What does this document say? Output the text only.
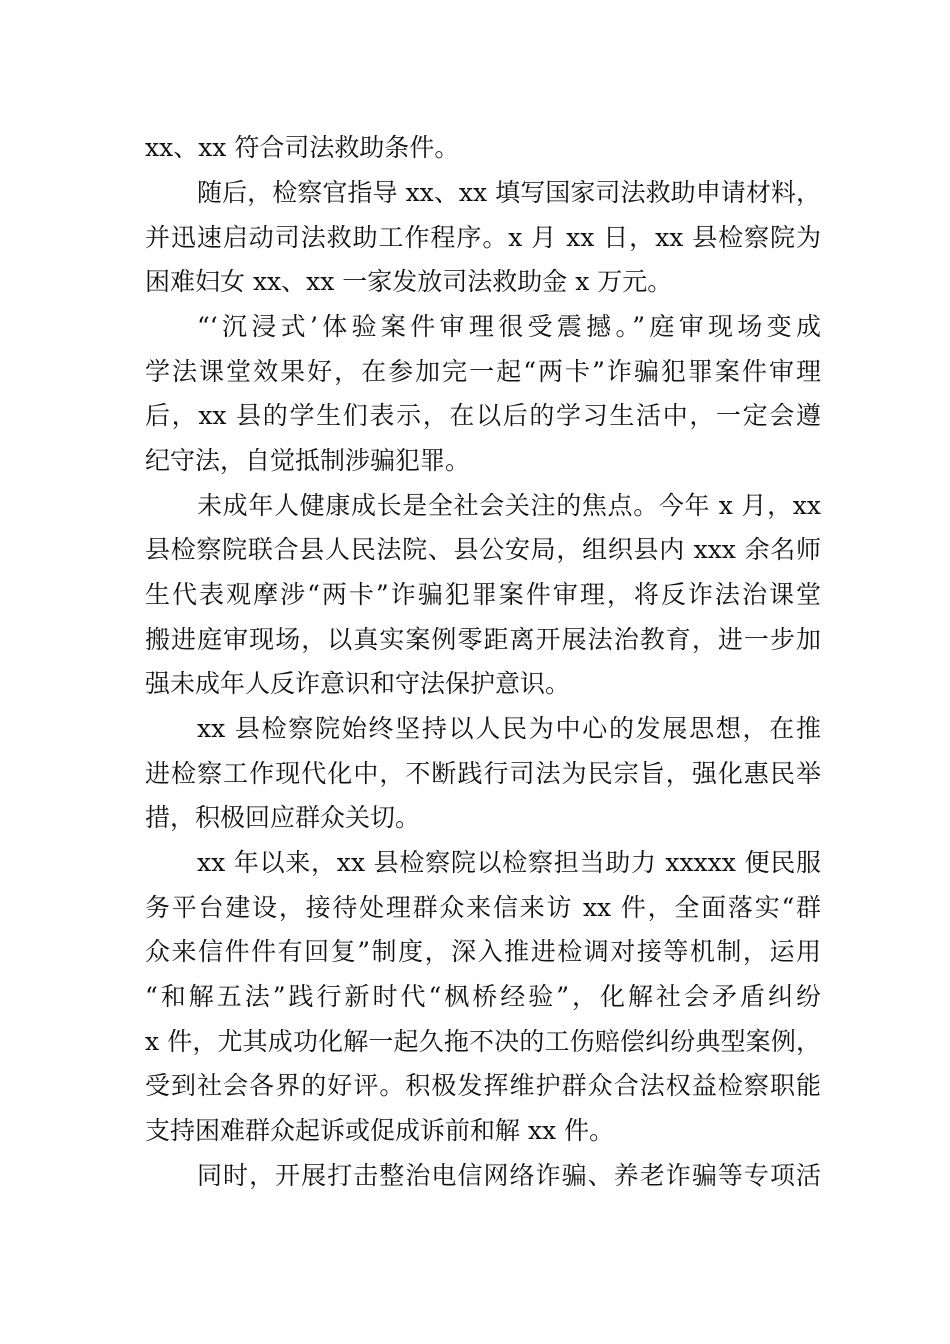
xx、xx 符合司法救助条件。
随后，检察官指导 xx、xx 填写国家司法救助申请材料，
并迅速启动司法救助工作程序。x 月 xx 日，xx 县检察院为
困难妇女 xx、xx 一家发放司法救助金 x 万元。
“‘沉浸式’体验案件审理很受震撼。”庭审现场变成
学法课堂效果好，在参加完一起“两卡”诈骗犯罪案件审理
后，xx 县的学生们表示，在以后的学习生活中，一定会遵
纪守法，自觉抵制涉骗犯罪。
未成年人健康成长是全社会关注的焦点。今年 x 月，xx
县检察院联合县人民法院、县公安局，组织县内 xxx 余名师
生代表观摩涉“两卡”诈骗犯罪案件审理，将反诈法治课堂
搬进庭审现场，以真实案例零距离开展法治教育，进一步加
强未成年人反诈意识和守法保护意识。
xx 县检察院始终坚持以人民为中心的发展思想，在推
进检察工作现代化中，不断践行司法为民宗旨，强化惠民举
措，积极回应群众关切。
xx 年以来，xx 县检察院以检察担当助力 xxxxx 便民服
务平台建设，接待处理群众来信来访 xx 件，全面落实“群
众来信件件有回复”制度，深入推进检调对接等机制，运用
“和解五法”践行新时代“枫桥经验”，化解社会矛盾纠纷
x 件，尤其成功化解一起久拖不决的工伤赔偿纠纷典型案例，
受到社会各界的好评。积极发挥维护群众合法权益检察职能
支持困难群众起诉或促成诉前和解 xx 件。
同时，开展打击整治电信网络诈骗、养老诈骗等专项活
